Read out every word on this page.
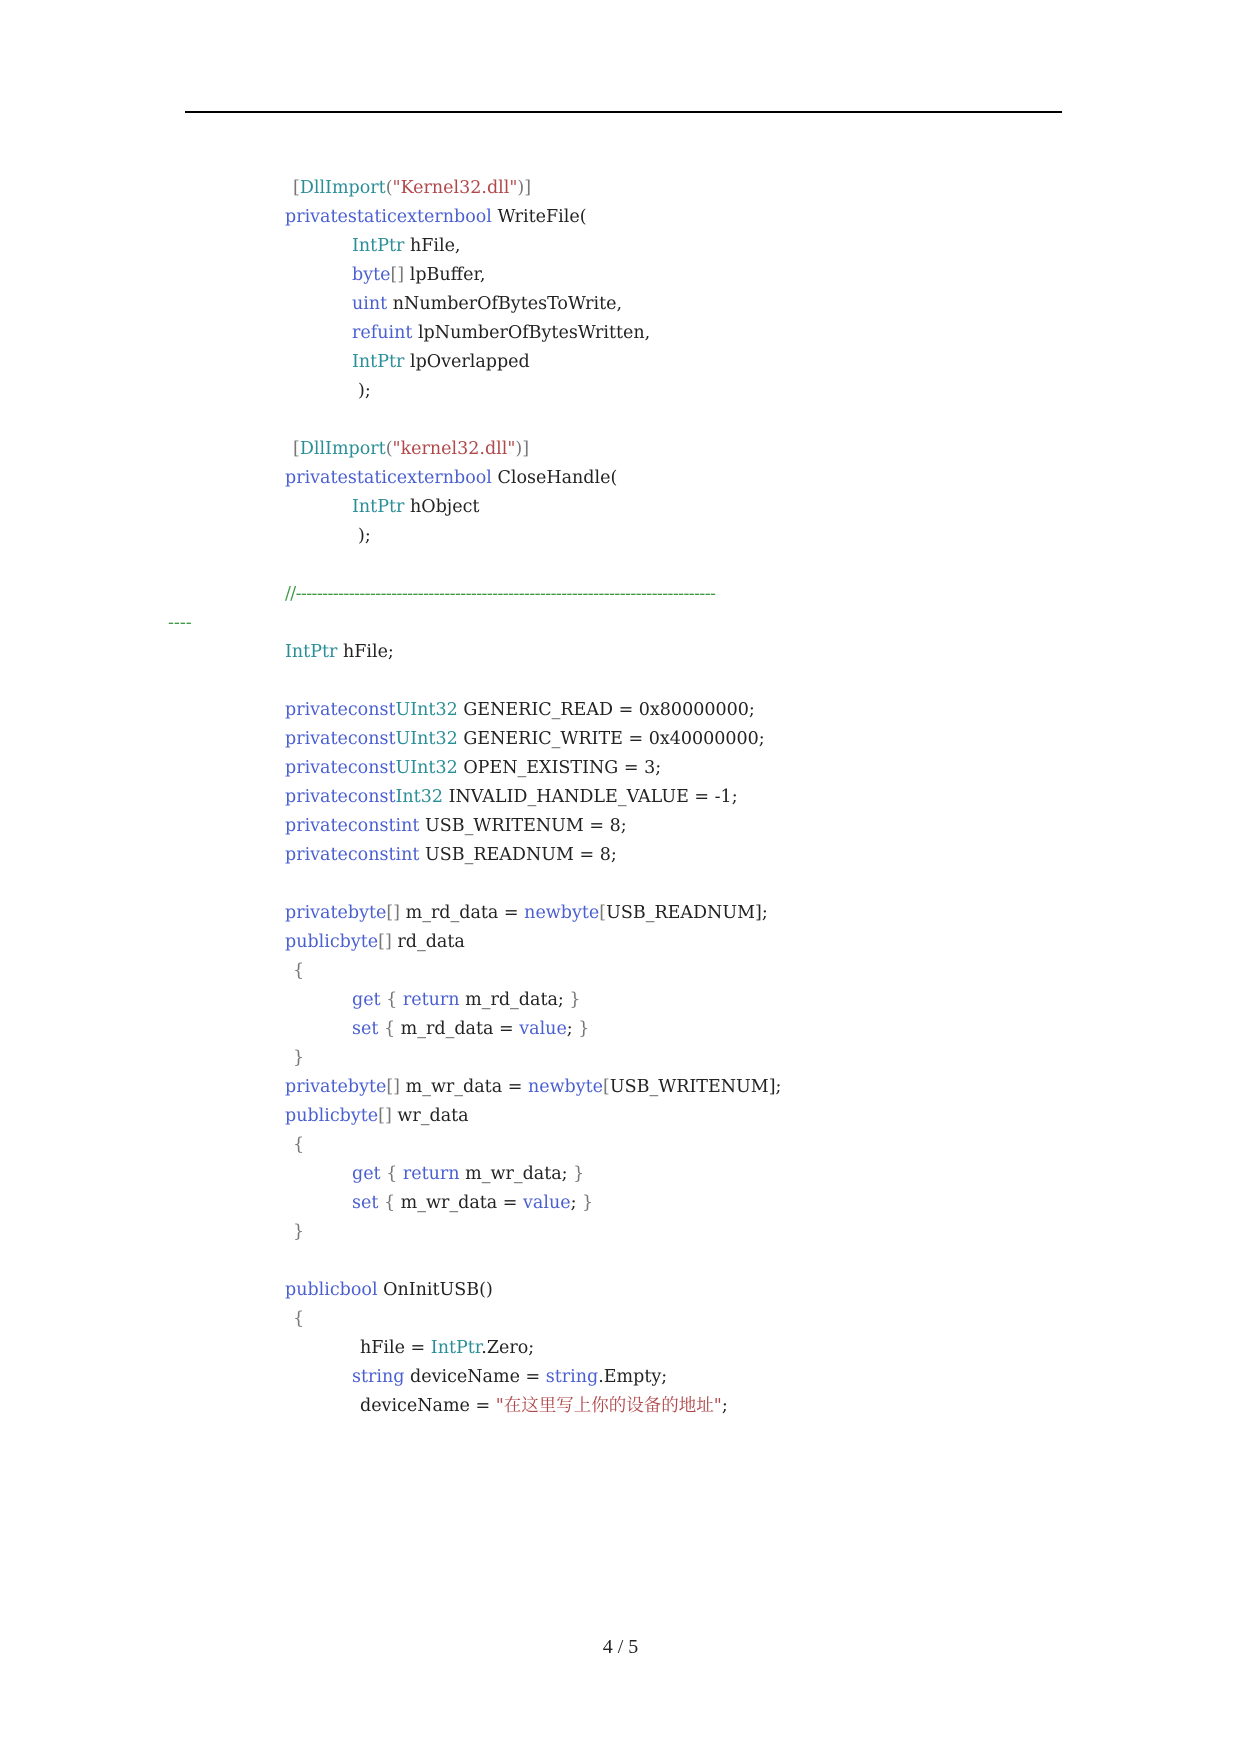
[DllImport("Kernel32.dll")]
privatestaticexternbool WriteFile(
IntPtr hFile,
byte[] lpBuffer,
uint nNumberOfBytesToWrite,
refuint lpNumberOfBytesWritten,
IntPtr lpOverlapped
);
[DllImport("kernel32.dll")]
privatestaticexternbool CloseHandle(
IntPtr hObject
);
//-------------------------------------------------------------------------------
----
IntPtr hFile;
privateconstUInt32 GENERIC_READ = 0x80000000;
privateconstUInt32 GENERIC_WRITE = 0x40000000;
privateconstUInt32 OPEN_EXISTING = 3;
privateconstInt32 INVALID_HANDLE_VALUE = -1;
privateconstint USB_WRITENUM = 8;
privateconstint USB_READNUM = 8;
privatebyte[] m_rd_data = newbyte[USB_READNUM];
publicbyte[] rd_data
{
get { return m_rd_data; }
set { m_rd_data = value; }
}
privatebyte[] m_wr_data = newbyte[USB_WRITENUM];
publicbyte[] wr_data
{
get { return m_wr_data; }
set { m_wr_data = value; }
}
publicbool OnInitUSB()
{
hFile = IntPtr.Zero;
string deviceName = string.Empty;
deviceName = "在这里写上你的设备的地址";
4 / 5
